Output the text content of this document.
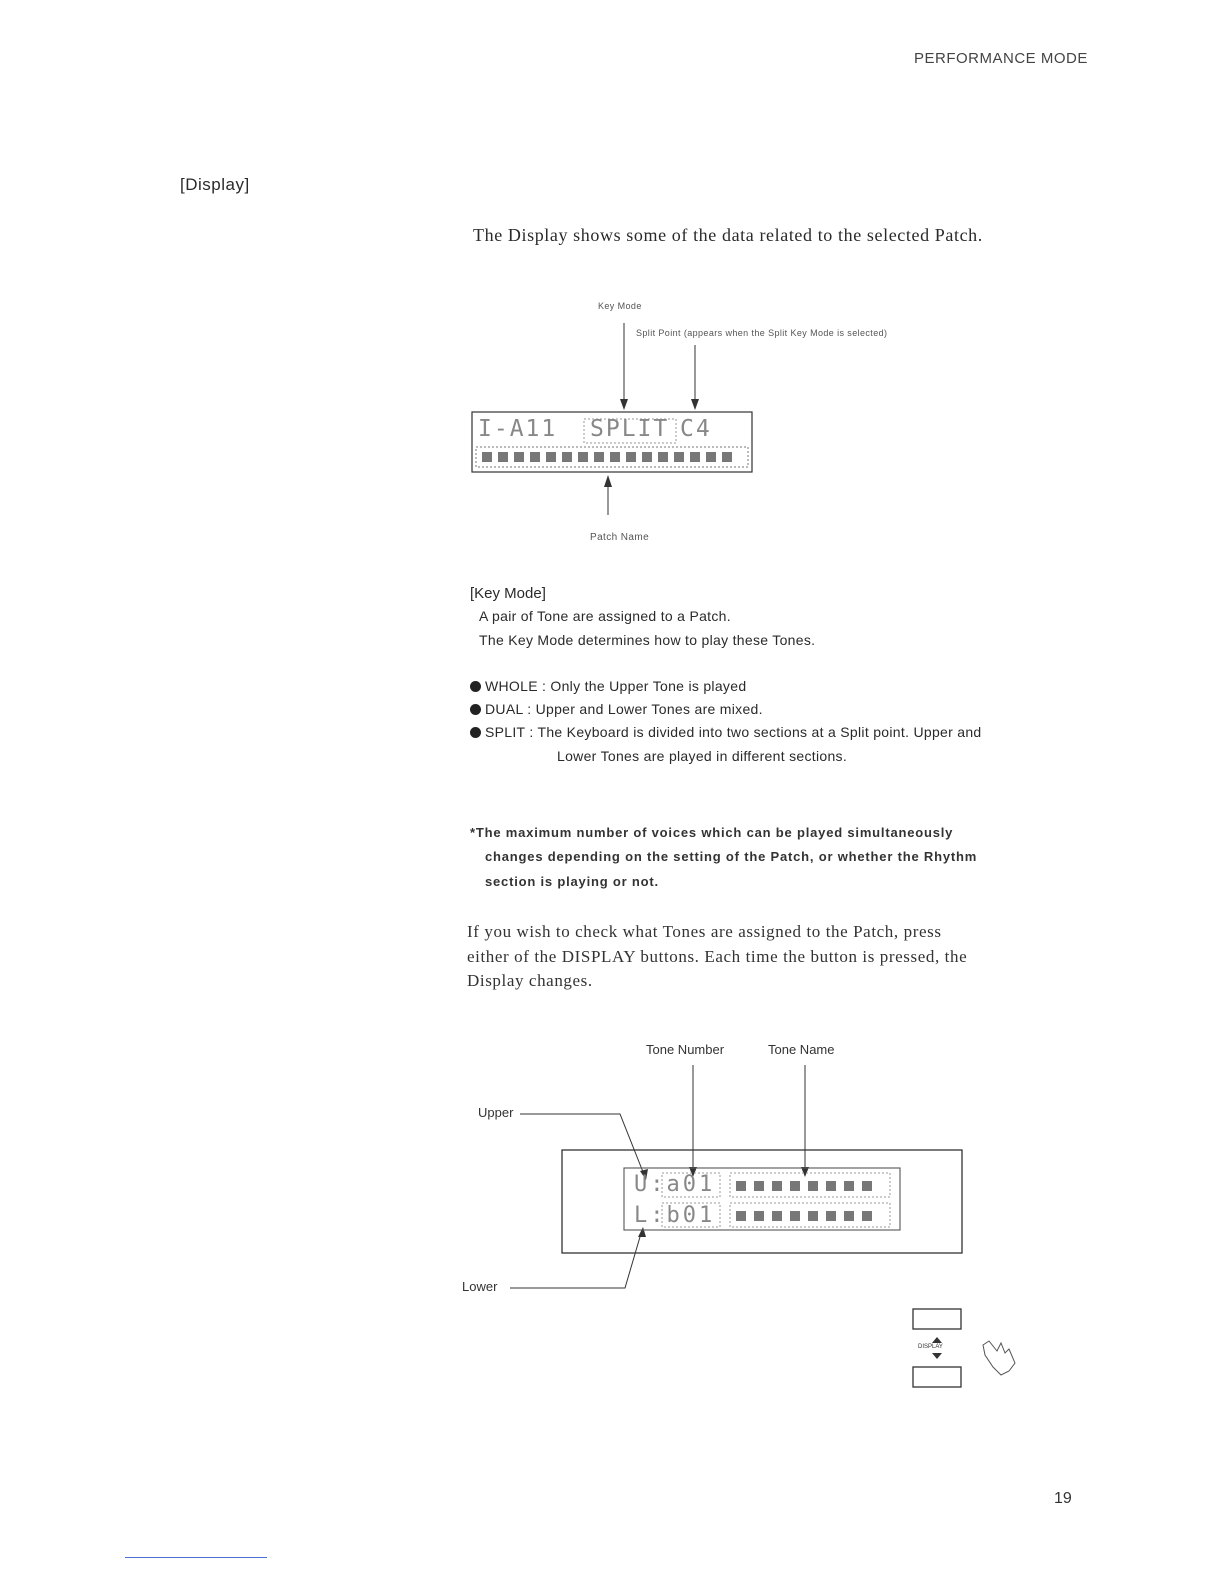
PERFORMANCE MODE
[Display]
The Display shows some of the data related to the selected Patch.
Key Mode
Split Point (appears when the Split Key Mode is selected)
Patch Name
I-A11 SPLIT C4
[Key Mode]
A pair of Tone are assigned to a Patch.
The Key Mode determines how to play these Tones.
WHOLE : Only the Upper Tone is played
DUAL : Upper and Lower Tones are mixed.
SPLIT : The Keyboard is divided into two sections at a Split point. Upper and
Lower Tones are played in different sections.
*The maximum number of voices which can be played simultaneously
changes depending on the setting of the Patch, or whether the Rhythm
section is playing or not.
If you wish to check what Tones are assigned to the Patch, press
either of the DISPLAY buttons. Each time the button is pressed, the
Display changes.
Tone Number	Tone Name
Upper
Lower
U:a01
L:b01
DISPLAY
19
